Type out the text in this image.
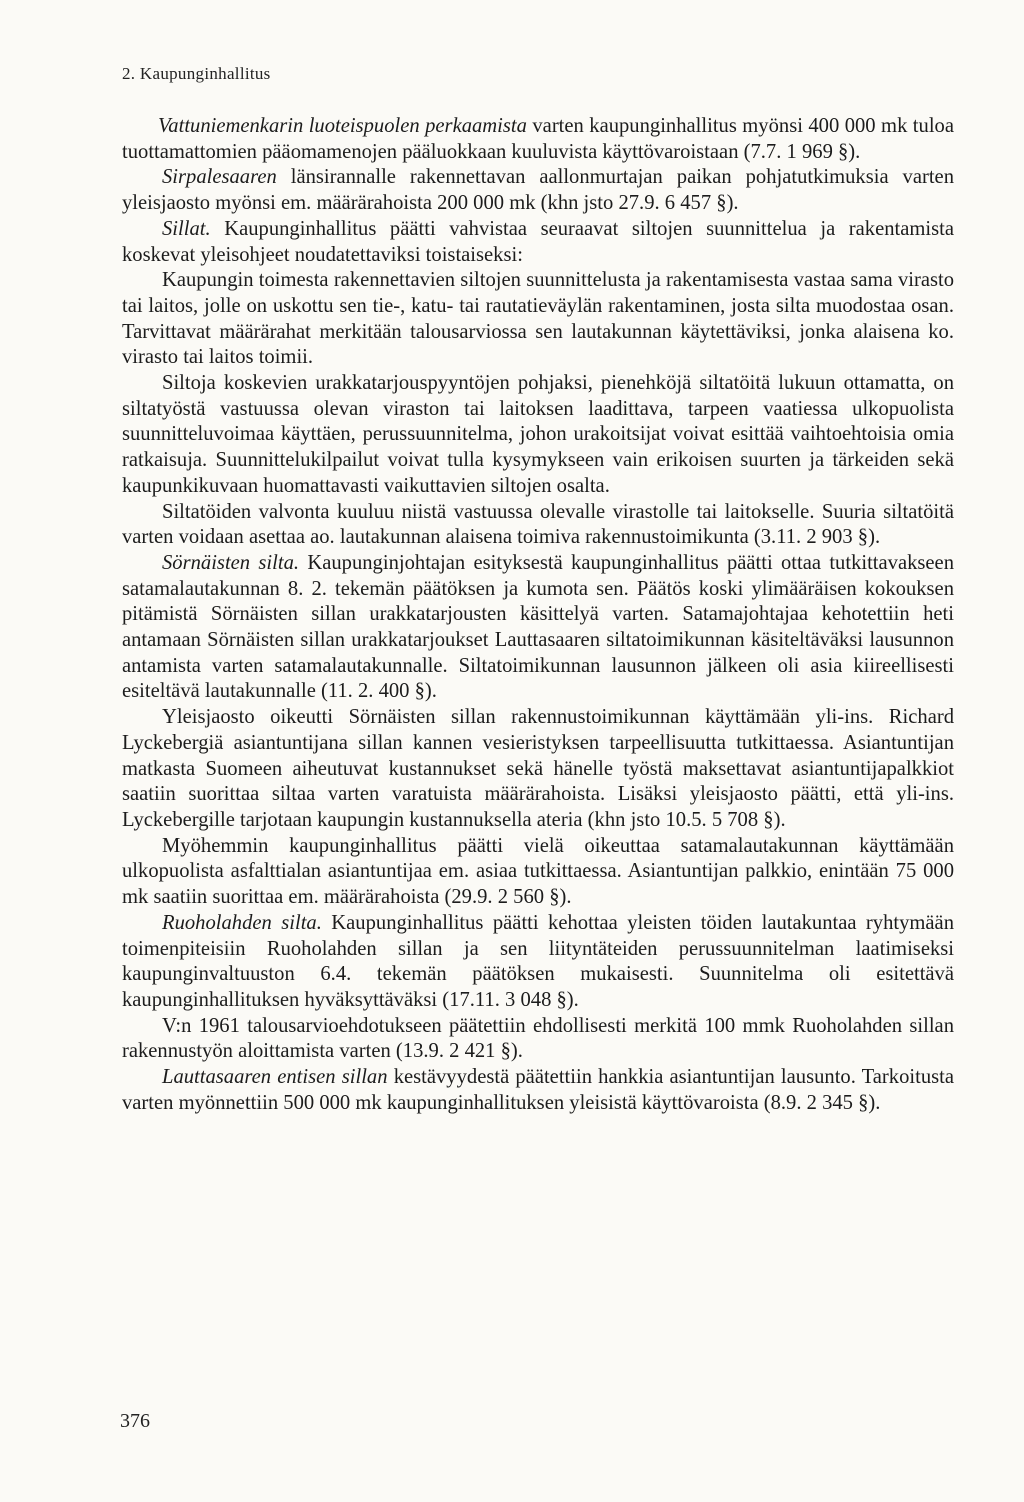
2. Kaupunginhallitus

Vattuniemenkarin luoteispuolen perkaamista varten kaupunginhallitus myönsi 400 000 mk tuloa tuottamattomien pääomamenojen pääluokkaan kuuluvista käyttövaroistaan (7.7. 1 969 §).

Sirpalesaaren länsirannalle rakennettavan aallonmurtajan paikan pohjatutkimuksia varten yleisjaosto myönsi em. määrärahoista 200 000 mk (khn jsto 27.9. 6 457 §).

Sillat. Kaupunginhallitus päätti vahvistaa seuraavat siltojen suunnittelua ja rakentamista koskevat yleisohjeet noudatettaviksi toistaiseksi:

Kaupungin toimesta rakennettavien siltojen suunnittelusta ja rakentamisesta vastaa sama virasto tai laitos, jolle on uskottu sen tie-, katu- tai rautatieväylän rakentaminen, josta silta muodostaa osan. Tarvittavat määrärahat merkitään talousarviossa sen lautakunnan käytettäviksi, jonka alaisena ko. virasto tai laitos toimii.

Siltoja koskevien urakkatarjouspyyntöjen pohjaksi, pienehköjä siltatöitä lukuun ottamatta, on siltatyöstä vastuussa olevan viraston tai laitoksen laadittava, tarpeen vaatiessa ulkopuolista suunnitteluvoimaa käyttäen, perussuunnitelma, johon urakoitsijat voivat esittää vaihtoehtoisia omia ratkaisuja. Suunnittelukilpailut voivat tulla kysymykseen vain erikoisen suurten ja tärkeiden sekä kaupunkikuvaan huomattavasti vaikuttavien siltojen osalta.

Siltatöiden valvonta kuuluu niistä vastuussa olevalle virastolle tai laitokselle. Suuria siltatöitä varten voidaan asettaa ao. lautakunnan alaisena toimiva rakennustoimikunta (3.11. 2 903 §).

Sörnäisten silta. Kaupunginjohtajan esityksestä kaupunginhallitus päätti ottaa tutkittavakseen satamalautakunnan 8. 2. tekemän päätöksen ja kumota sen. Päätös koski ylimääräisen kokouksen pitämistä Sörnäisten sillan urakkatarjousten käsittelyä varten. Satamajohtajaa kehotettiin heti antamaan Sörnäisten sillan urakkatarjoukset Lauttasaaren siltatoimikunnan käsiteltäväksi lausunnon antamista varten satamalautakunnalle. Siltatoimikunnan lausunnon jälkeen oli asia kiireellisesti esiteltävä lautakunnalle (11. 2. 400 §).

Yleisjaosto oikeutti Sörnäisten sillan rakennustoimikunnan käyttämään yli-ins. Richard Lyckebergiä asiantuntijana sillan kannen vesieristyksen tarpeellisuutta tutkittaessa. Asiantuntijan matkasta Suomeen aiheutuvat kustannukset sekä hänelle työstä maksettavat asiantuntijapalkkiot saatiin suorittaa siltaa varten varatuista määrärahoista. Lisäksi yleisjaosto päätti, että yli-ins. Lyckebergille tarjotaan kaupungin kustannuksella ateria (khn jsto 10.5. 5 708 §).

Myöhemmin kaupunginhallitus päätti vielä oikeuttaa satamalautakunnan käyttämään ulkopuolista asfalttialan asiantuntijaa em. asiaa tutkittaessa. Asiantuntijan palkkio, enintään 75 000 mk saatiin suorittaa em. määrärahoista (29.9. 2 560 §).

Ruoholahden silta. Kaupunginhallitus päätti kehottaa yleisten töiden lautakuntaa ryhtymään toimenpiteisiin Ruoholahden sillan ja sen liityntäteiden perussuunnitelman laatimiseksi kaupunginvaltuuston 6.4. tekemän päätöksen mukaisesti. Suunnitelma oli esitettävä kaupunginhallituksen hyväksyttäväksi (17.11. 3 048 §).

V:n 1961 talousarvioehdotukseen päätettiin ehdollisesti merkitä 100 mmk Ruoholahden sillan rakennustyön aloittamista varten (13.9. 2 421 §).

Lauttasaaren entisen sillan kestävyydestä päätettiin hankkia asiantuntijan lausunto. Tarkoitusta varten myönnettiin 500 000 mk kaupunginhallituksen yleisistä käyttövaroista (8.9. 2 345 §).

376
